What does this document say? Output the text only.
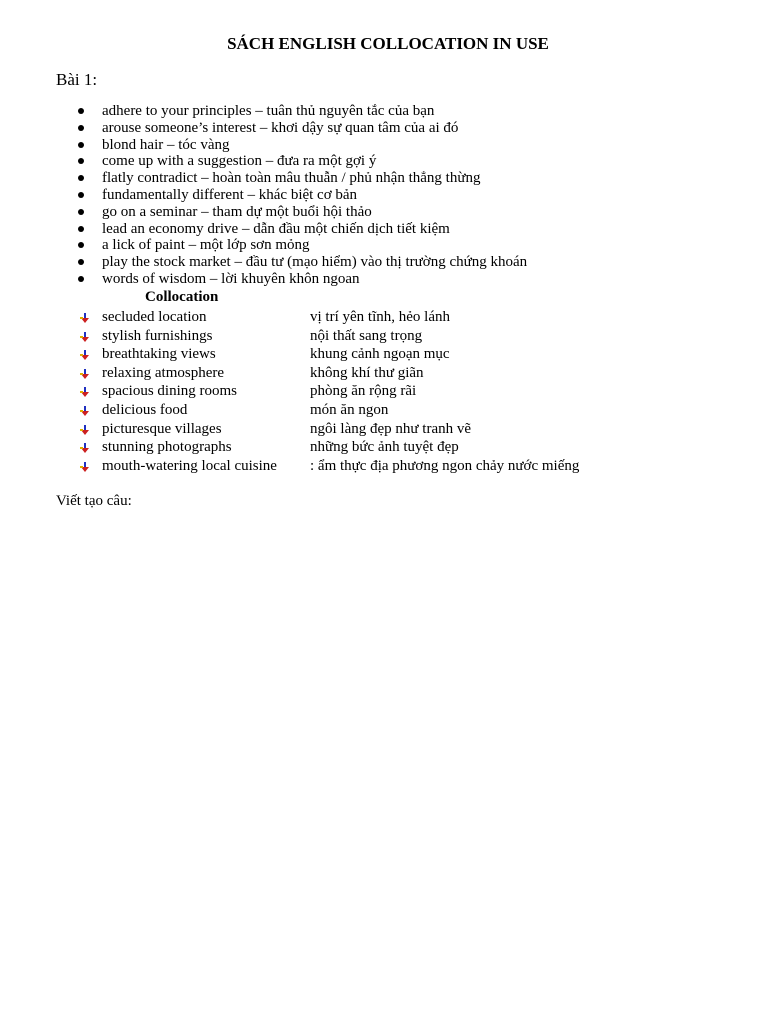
SÁCH ENGLISH COLLOCATION IN USE
Bài 1:
adhere to your principles – tuân thủ nguyên tắc của bạn
arouse someone’s interest – khơi dậy sự quan tâm của ai đó
blond hair – tóc vàng
come up with a suggestion – đưa ra một gợi ý
flatly contradict – hoàn toàn mâu thuẫn / phủ nhận thẳng thừng
fundamentally different – khác biệt cơ bản
go on a seminar – tham dự một buổi hội thảo
lead an economy drive – dẫn đầu một chiến dịch tiết kiệm
a lick of paint – một lớp sơn mỏng
play the stock market – đầu tư (mạo hiểm) vào thị trường chứng khoán
words of wisdom – lời khuyên khôn ngoan
Collocation
secluded location	vị trí yên tĩnh, hẻo lánh
stylish furnishings	nội thất sang trọng
breathtaking views	khung cảnh ngoạn mục
relaxing atmosphere	không khí thư giãn
spacious dining rooms	phòng ăn rộng rãi
delicious food	món ăn ngon
picturesque villages	ngôi làng đẹp như tranh vẽ
stunning photographs	những bức ảnh tuyệt đẹp
mouth-watering local cuisine : ẩm thực địa phương ngon chảy nước miếng
Viết tạo câu:
